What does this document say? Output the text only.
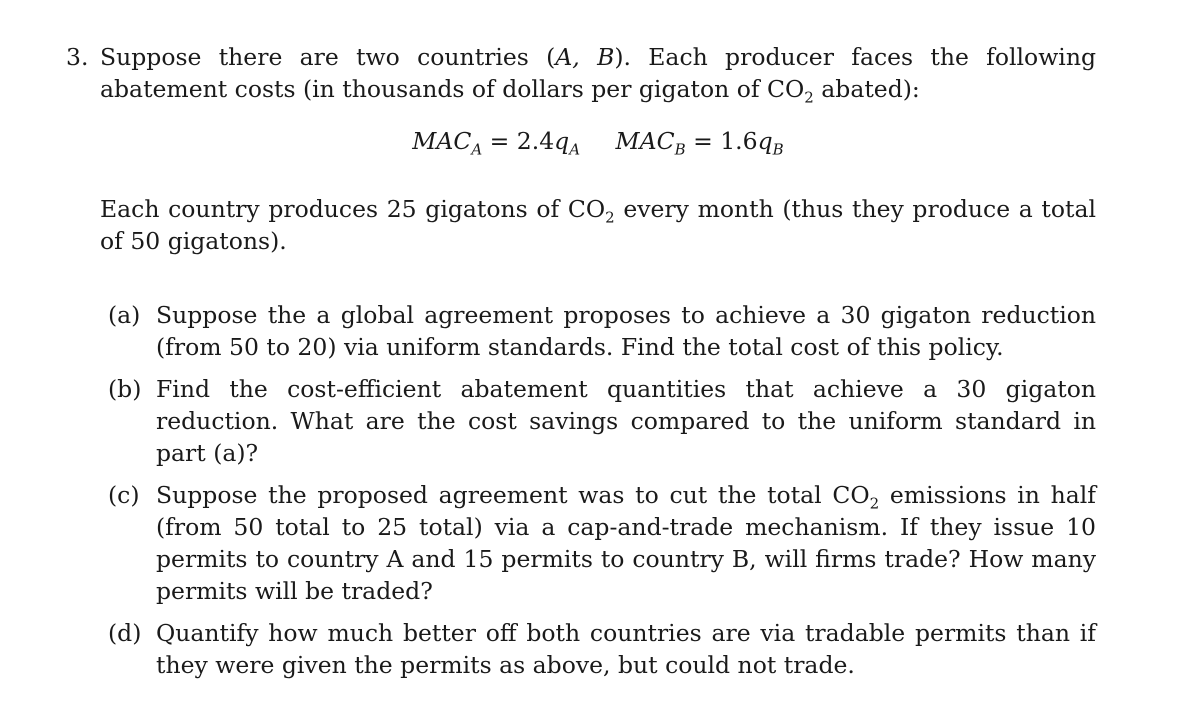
3. Suppose there are two countries (A, B). Each producer faces the following abatement costs (in thousands of dollars per gigaton of $CO_2$ abated):
$MAC_A = 2.4q_A$ $MAC_B = 1.6q_B$
Each country produces 25 gigatons of $CO_2$ every month (thus they produce a total of 50 gigatons).
(a) Suppose the a global agreement proposes to achieve a 30 gigaton reduction (from 50 to 20) via uniform standards. Find the total cost of this policy.
(b) Find the cost-efficient abatement quantities that achieve a 30 gigaton reduction. What are the cost savings compared to the uniform standard in part (a)?
(c) Suppose the proposed agreement was to cut the total $CO_2$ emissions in half (from 50 total to 25 total) via a cap-and-trade mechanism. If they issue 10 permits to country A and 15 permits to country B, will firms trade? How many permits will be traded?
(d) Quantify how much better off both countries are via tradable permits than if they were given the permits as above, but could not trade.
